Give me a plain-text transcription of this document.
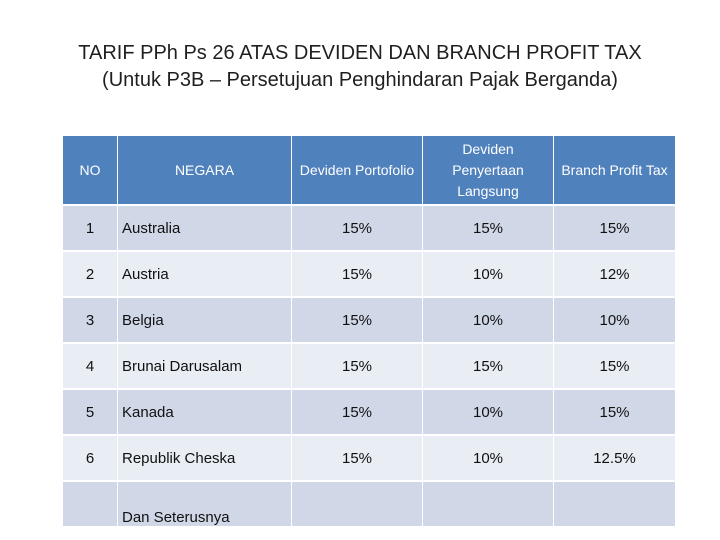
TARIF PPh Ps 26 ATAS DEVIDEN DAN BRANCH PROFIT TAX
(Untuk P3B – Persetujuan Penghindaran Pajak Berganda)
NO	NEGARA	Deviden Portofolio	Deviden Penyertaan Langsung	Branch Profit Tax
1	Australia	15%	15%	15%
2	Austria	15%	10%	12%
3	Belgia	15%	10%	10%
4	Brunai Darusalam	15%	15%	15%
5	Kanada	15%	10%	15%
6	Republik Cheska	15%	10%	12.5%
	Dan Seterusnya			
